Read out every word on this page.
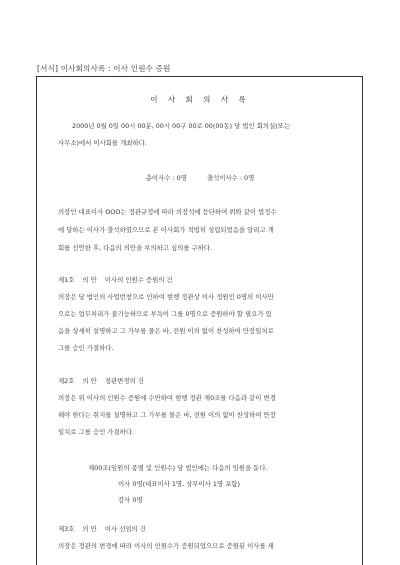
[서식] 이사회의사록 : 이사 인원수 증원
이 사 회 의 사 록
2000년 0월 0일 00시 00분, 00시 00구 00로 00(00동) 당 법인 회의실(또는
사무소)에서 이사회를 개최하다.
총이사수 : 0명	출석이사수 : 0명
의장인 대표이사 OOO는 정관규정에 따라 의장석에 등단하여 위와 같이 법정수
에 달하는 이사가 출석하였으므로 본 이사회가 적법히 성립되었음을 알리고 개
회를 선언한 후, 다음의 의안을 부의하고 심의를 구하다.
제1호 의 안 이사의 인원수 증원의 건
의장은 당 법인의 사업번창으로 인하여 현행 정관상 이사 정원인 0명의 이사만
으로는 업무처리가 불가능하므로 부득이 그를 0명으로 증원하야 할 필요가 있
음을 상세히 설명하고 그 가부를 물은 바, 전원 이의 없이 찬성하여 만장일치로
그를 승인 가결하다.
제2호 의 안 정관변경의 건
의장은 위 이사의 인원수 증원에 수반하여 현행 정관 제0조를 다음과 같이 변경
해야 한다는 취지를 설명하고 그 가부를 물은 바, 전원 이의 없이 찬성하여 만장
일치로 그를 승인 가결하다.
제00조(임원의 종별 및 인원수) 당 법인에는 다음의 임원을 둔다.
이사 0명(대표이사 1명, 상무이사 1명 포함)
감사 0명
제3호 의 안 이사 선임의 건
의장은 정관의 변경에 따라 이사의 인원수가 증원되었으므로 증원된 이사를 새
